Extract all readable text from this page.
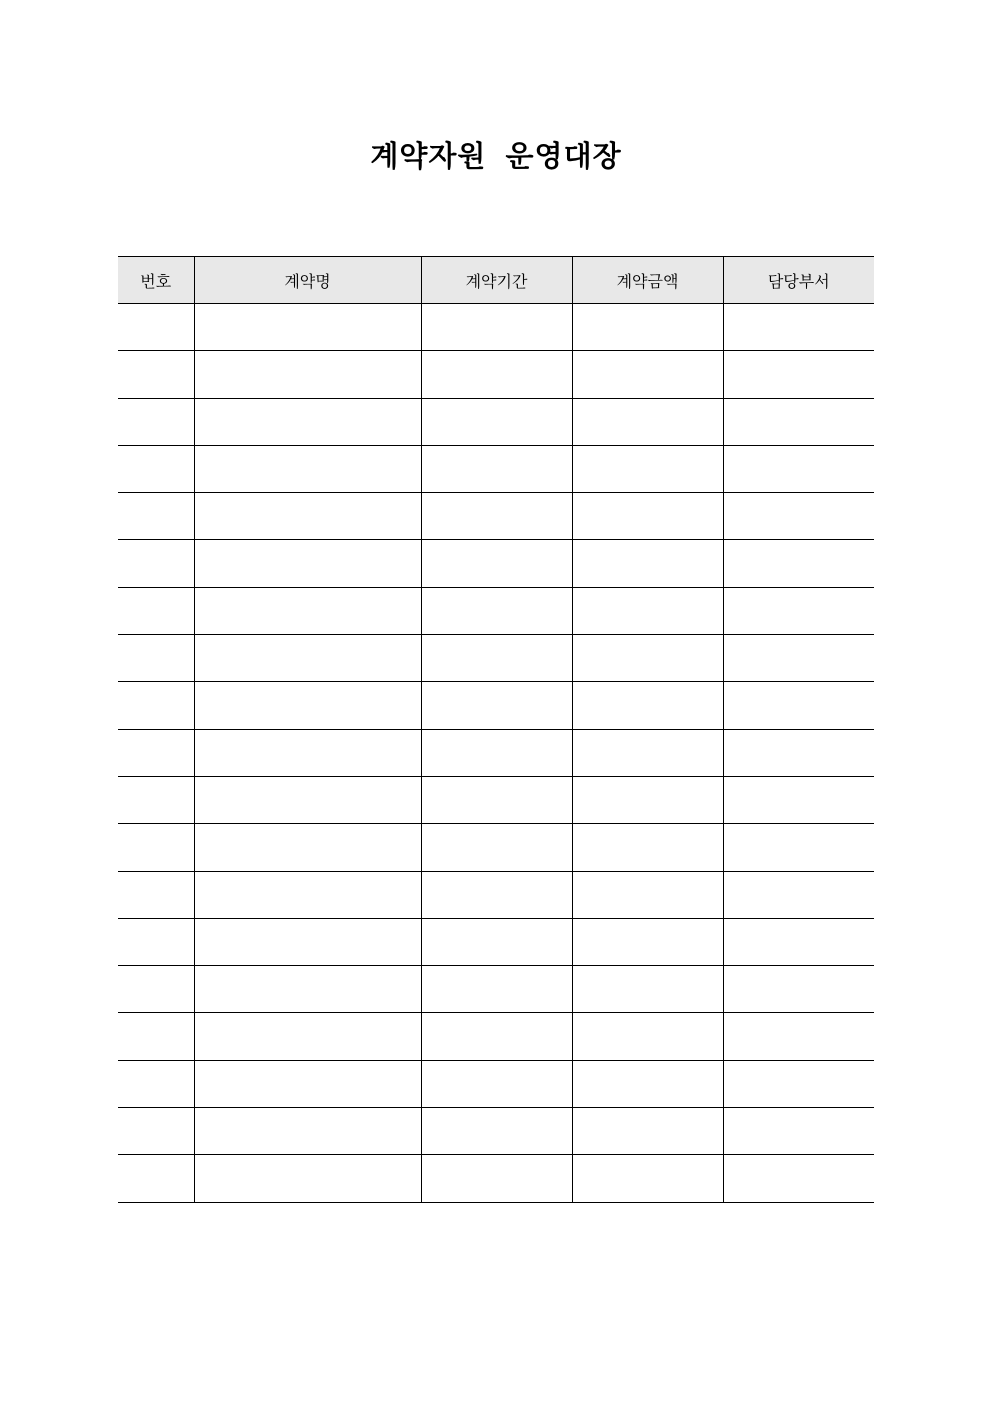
계약자원 운영대장
번호	계약명	계약기간	계약금액	담당부서
